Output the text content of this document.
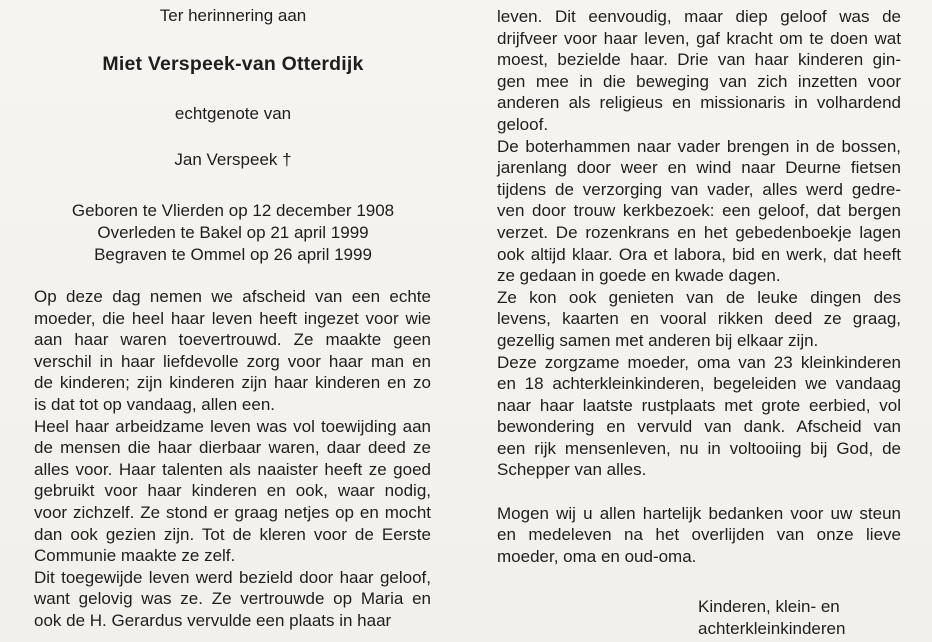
Ter herinnering aan
Miet Verspeek-van Otterdijk
echtgenote van
Jan Verspeek †
Geboren te Vlierden op 12 december 1908
Overleden te Bakel op 21 april 1999
Begraven te Ommel op 26 april 1999
Op deze dag nemen we afscheid van een echte
moeder, die heel haar leven heeft ingezet voor wie
aan haar waren toevertrouwd. Ze maakte geen
verschil in haar liefdevolle zorg voor haar man en
de kinderen; zijn kinderen zijn haar kinderen en zo
is dat tot op vandaag, allen een.
Heel haar arbeidzame leven was vol toewijding aan
de mensen die haar dierbaar waren, daar deed ze
alles voor. Haar talenten als naaister heeft ze goed
gebruikt voor haar kinderen en ook, waar nodig,
voor zichzelf. Ze stond er graag netjes op en mocht
dan ook gezien zijn. Tot de kleren voor de Eerste
Communie maakte ze zelf.
Dit toegewijde leven werd bezield door haar geloof,
want gelovig was ze. Ze vertrouwde op Maria en
ook de H. Gerardus vervulde een plaats in haar
leven. Dit eenvoudig, maar diep geloof was de
drijfveer voor haar leven, gaf kracht om te doen wat
moest, bezielde haar. Drie van haar kinderen gin-
gen mee in die beweging van zich inzetten voor
anderen als religieus en missionaris in volhardend
geloof.
De boterhammen naar vader brengen in de bossen,
jarenlang door weer en wind naar Deurne fietsen
tijdens de verzorging van vader, alles werd gedre-
ven door trouw kerkbezoek: een geloof, dat bergen
verzet. De rozenkrans en het gebedenboekje lagen
ook altijd klaar. Ora et labora, bid en werk, dat heeft
ze gedaan in goede en kwade dagen.
Ze kon ook genieten van de leuke dingen des
levens, kaarten en vooral rikken deed ze graag,
gezellig samen met anderen bij elkaar zijn.
Deze zorgzame moeder, oma van 23 kleinkinderen
en 18 achterkleinkinderen, begeleiden we vandaag
naar haar laatste rustplaats met grote eerbied, vol
bewondering en vervuld van dank. Afscheid van
een rijk mensenleven, nu in voltooiing bij God, de
Schepper van alles.
Mogen wij u allen hartelijk bedanken voor uw steun
en medeleven na het overlijden van onze lieve
moeder, oma en oud-oma.
Kinderen, klein- en
achterkleinkinderen
